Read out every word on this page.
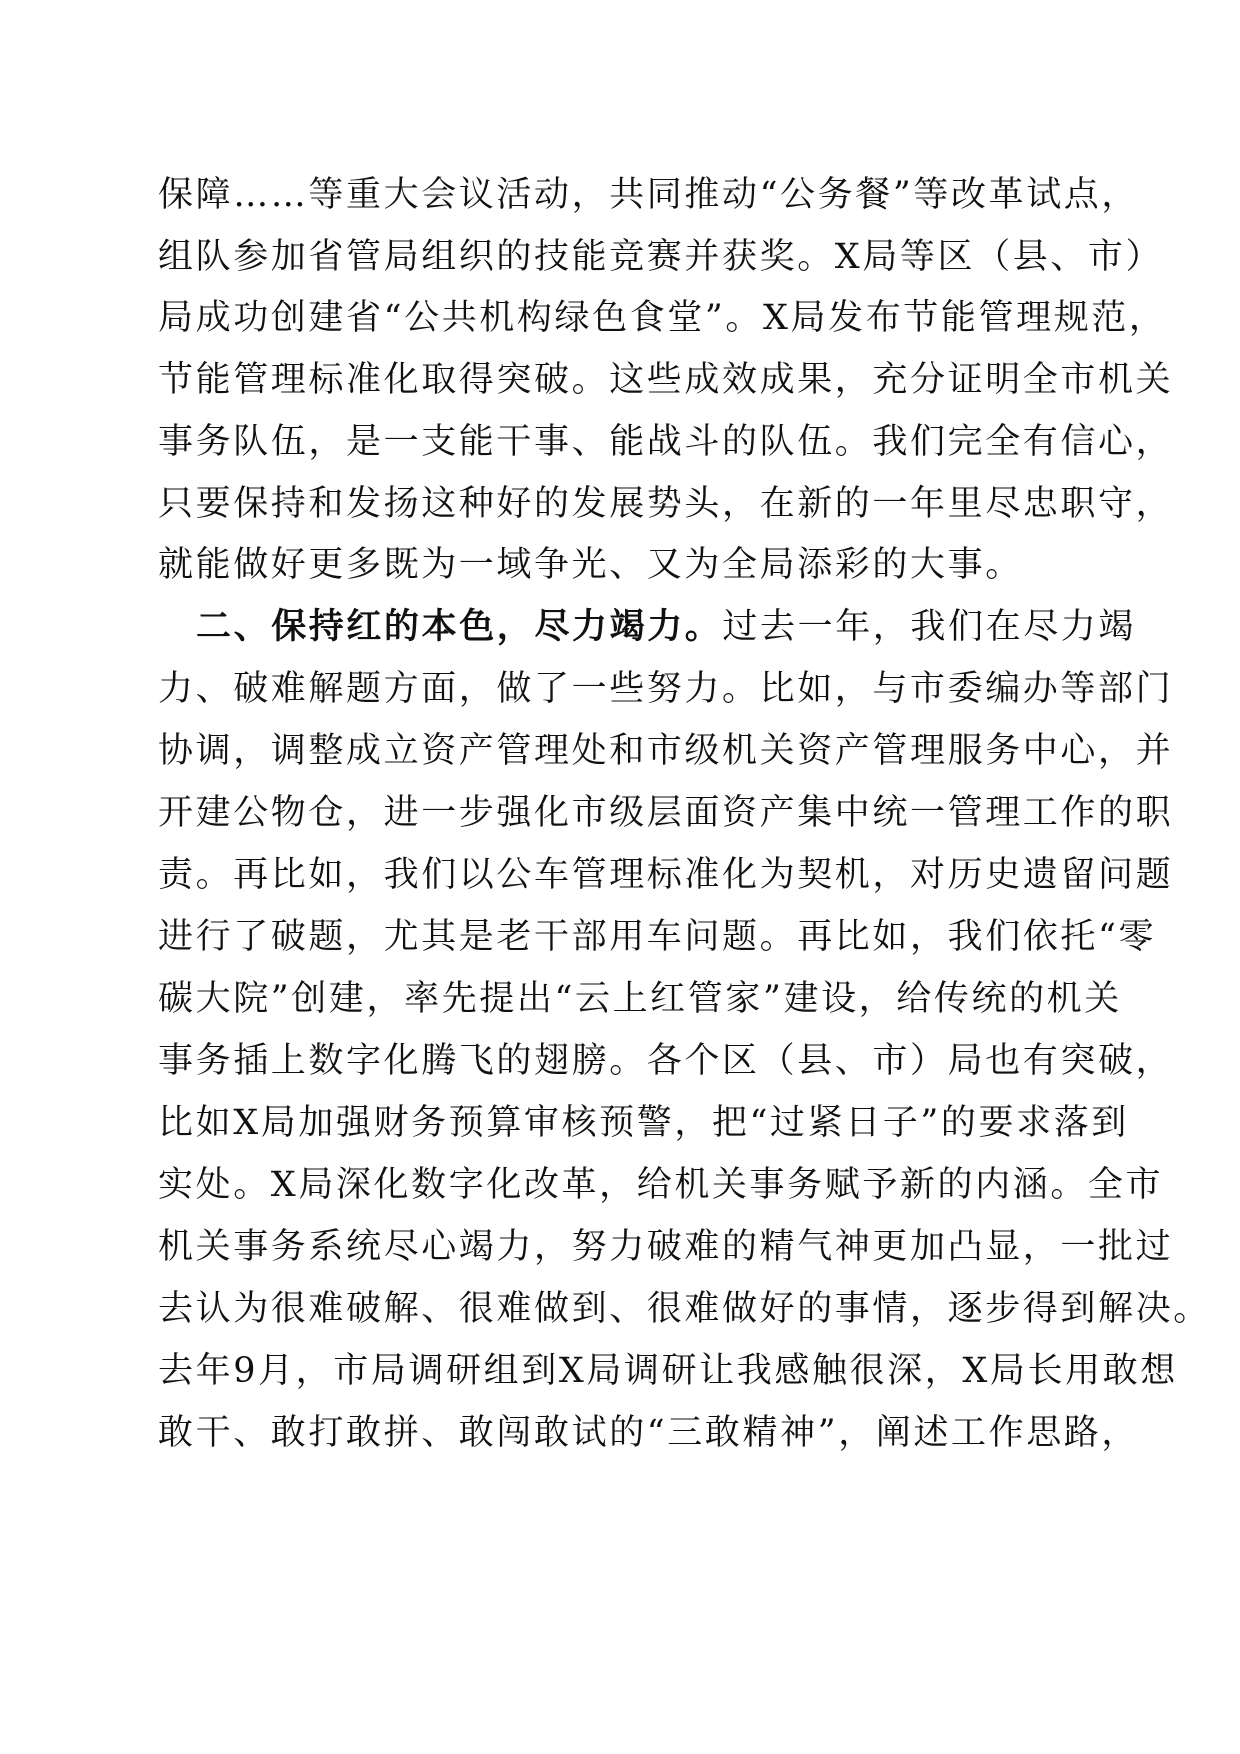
保障……等重大会议活动，共同推动“公务餐”等改革试点，
组队参加省管局组织的技能竞赛并获奖。X局等区（县、市）
局成功创建省“公共机构绿色食堂”。X局发布节能管理规范，
节能管理标准化取得突破。这些成效成果，充分证明全市机关
事务队伍，是一支能干事、能战斗的队伍。我们完全有信心，
只要保持和发扬这种好的发展势头，在新的一年里尽忠职守，
就能做好更多既为一域争光、又为全局添彩的大事。
二、保持红的本色，尽力竭力。过去一年，我们在尽力竭
力、破难解题方面，做了一些努力。比如，与市委编办等部门
协调，调整成立资产管理处和市级机关资产管理服务中心，并
开建公物仓，进一步强化市级层面资产集中统一管理工作的职
责。再比如，我们以公车管理标准化为契机，对历史遗留问题
进行了破题，尤其是老干部用车问题。再比如，我们依托“零
碳大院”创建，率先提出“云上红管家”建设，给传统的机关
事务插上数字化腾飞的翅膀。各个区（县、市）局也有突破，
比如X局加强财务预算审核预警，把“过紧日子”的要求落到
实处。X局深化数字化改革，给机关事务赋予新的内涵。全市
机关事务系统尽心竭力，努力破难的精气神更加凸显，一批过
去认为很难破解、很难做到、很难做好的事情，逐步得到解决。
去年9月，市局调研组到X局调研让我感触很深，X局长用敢想
敢干、敢打敢拼、敢闯敢试的“三敢精神”，阐述工作思路，
